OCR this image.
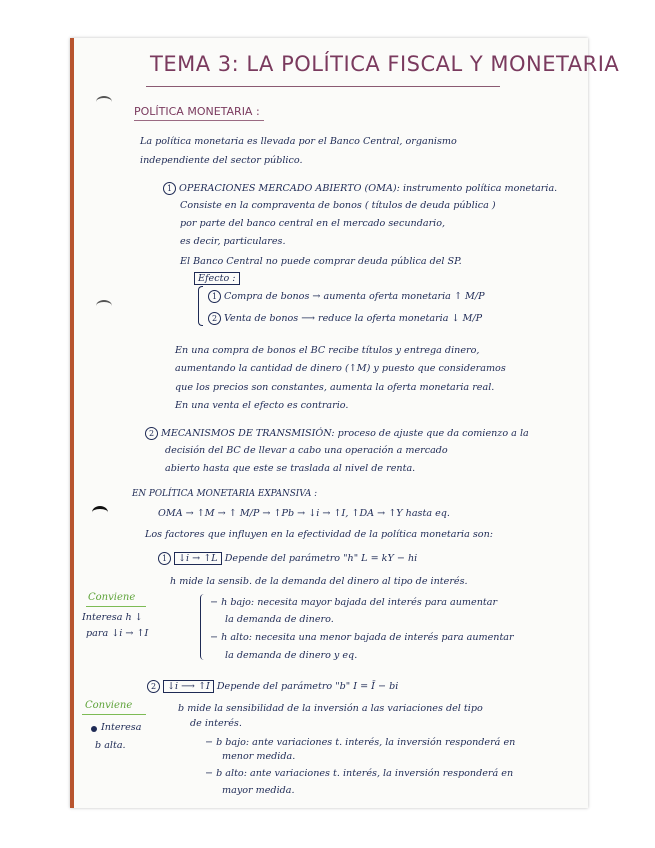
TEMA 3: LA POLÍTICA FISCAL Y MONETARIA
POLÍTICA MONETARIA :
La política monetaria es llevada por el Banco Central, organismo
independiente del sector público.
1 OPERACIONES MERCADO ABIERTO (OMA): instrumento política monetaria.
Consiste en la compraventa de bonos ( títulos de deuda pública )
por parte del banco central en el mercado secundario,
es decir, particulares.
El Banco Central no puede comprar deuda pública del SP.
Efecto :
1 Compra de bonos → aumenta oferta monetaria ↑ M/P
2 Venta de bonos ⟶ reduce la oferta monetaria ↓ M/P
En una compra de bonos el BC recibe títulos y entrega dinero,
aumentando la cantidad de dinero (↑M) y puesto que consideramos
que los precios son constantes, aumenta la oferta monetaria real.
En una venta el efecto es contrario.
2 MECANISMOS DE TRANSMISIÓN: proceso de ajuste que da comienzo a la
decisión del BC de llevar a cabo una operación a mercado
abierto hasta que este se traslada al nivel de renta.
EN POLÍTICA MONETARIA EXPANSIVA :
OMA → ↑M → ↑ M/P → ↑Pb → ↓i → ↑I, ↑DA → ↑Y hasta eq.
Los factores que influyen en la efectividad de la política monetaria son:
1 ↓i → ↑L Depende del parámetro "h" L = kY − hi
h mide la sensib. de la demanda del dinero al tipo de interés.
− h bajo: necesita mayor bajada del interés para aumentar
la demanda de dinero.
− h alto: necesita una menor bajada de interés para aumentar
la demanda de dinero y eq.
Conviene
Interesa h ↓
para ↓i → ↑I
2 ↓i ⟶ ↑I Depende del parámetro "b" I = Ī − bi
b mide la sensibilidad de la inversión a las variaciones del tipo
de interés.
− b bajo: ante variaciones t. interés, la inversión responderá en
menor medida.
− b alto: ante variaciones t. interés, la inversión responderá en
mayor medida.
Conviene
Interesa
b alta.
